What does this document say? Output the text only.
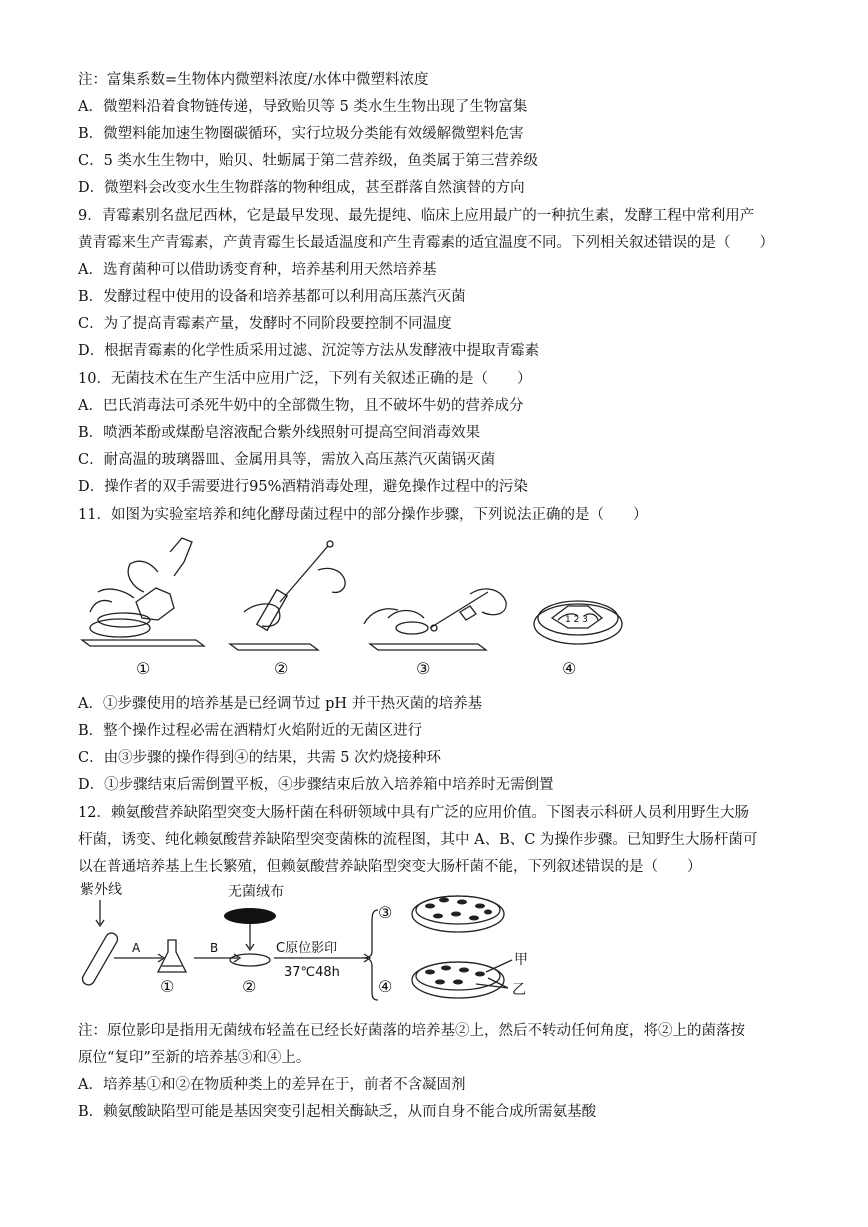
注：富集系数=生物体内微塑料浓度/水体中微塑料浓度
A．微塑料沿着食物链传递，导致贻贝等 5 类水生生物出现了生物富集
B．微塑料能加速生物圈碳循环，实行垃圾分类能有效缓解微塑料危害
C．5 类水生生物中，贻贝、牡蛎属于第二营养级，鱼类属于第三营养级
D．微塑料会改变水生生物群落的物种组成，甚至群落自然演替的方向
9．青霉素别名盘尼西林，它是最早发现、最先提纯、临床上应用最广的一种抗生素，发酵工程中常利用产
黄青霉来生产青霉素，产黄青霉生长最适温度和产生青霉素的适宜温度不同。下列相关叙述错误的是（　　）
A．选育菌种可以借助诱变育种，培养基利用天然培养基
B．发酵过程中使用的设备和培养基都可以利用高压蒸汽灭菌
C．为了提高青霉素产量，发酵时不同阶段要控制不同温度
D．根据青霉素的化学性质采用过滤、沉淀等方法从发酵液中提取青霉素
10．无菌技术在生产生活中应用广泛，下列有关叙述正确的是（　　）
A．巴氏消毒法可杀死牛奶中的全部微生物，且不破坏牛奶的营养成分
B．喷洒苯酚或煤酚皂溶液配合紫外线照射可提高空间消毒效果
C．耐高温的玻璃器皿、金属用具等，需放入高压蒸汽灭菌锅灭菌
D．操作者的双手需要进行95%酒精消毒处理，避免操作过程中的污染
11．如图为实验室培养和纯化酵母菌过程中的部分操作步骤，下列说法正确的是（　　）
1 2 3
①	②	③	④
A．①步骤使用的培养基是已经调节过 pH 并干热灭菌的培养基
B．整个操作过程必需在酒精灯火焰附近的无菌区进行
C．由③步骤的操作得到④的结果，共需 5 次灼烧接种环
D．①步骤结束后需倒置平板，④步骤结束后放入培养箱中培养时无需倒置
12．赖氨酸营养缺陷型突变大肠杆菌在科研领域中具有广泛的应用价值。下图表示科研人员利用野生大肠
杆菌，诱变、纯化赖氨酸营养缺陷型突变菌株的流程图，其中 A、B、C 为操作步骤。已知野生大肠杆菌可
以在普通培养基上生长繁殖，但赖氨酸营养缺陷型突变大肠杆菌不能，下列叙述错误的是（　　）
紫外线	无菌绒布
A	B	C原位影印
37℃48h
①	②
③
④
甲
乙
注：原位影印是指用无菌绒布轻盖在已经长好菌落的培养基②上，然后不转动任何角度，将②上的菌落按
原位“复印”至新的培养基③和④上。
A．培养基①和②在物质种类上的差异在于，前者不含凝固剂
B．赖氨酸缺陷型可能是基因突变引起相关酶缺乏，从而自身不能合成所需氨基酸
